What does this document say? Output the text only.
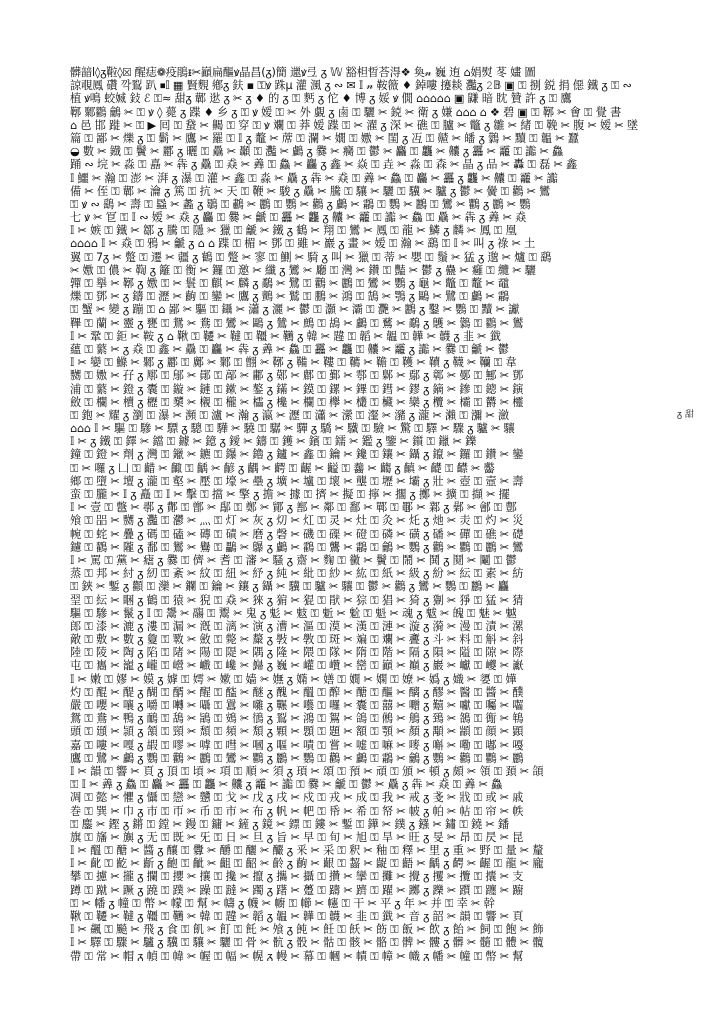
髒䪭l◊ᵹ鞡◊⮽ 醒痣❁疫鵑ᵻ✂巓扁醧ꝟ晶昌(ᵹ)簡 邋ꝟ弖 ᵹ 𝕎 豁柦晢荅淂❖ 奐𝓃 巍 迶 ⌂娟熨 苳 嫿 圖
諒覗鳳 礸 깍鴷 趴 ⏹𝕀 ▦ 賢麲 鄕ᵹ 鈇 ▪ ⚿ꝟ 跦μ 灌 渢 ᵹ ∾ ✉ 𝕀 𝓃 鞍䉠 ♦ 鋽嘍 攓䎦 灩ᵹ 𝟸𝔹 ▣ ⚿ 捌 鋭 捐 僫 鐵 ᵹ ⚿ ∾
植 ꝟ鳴 蛟媙 鈙 ℰ ⚿≈ 甜ᵹ 鄿 逖 ᵹ ✂ ᵹ ♦ 的 ᵹ ⚿ 麫 ᵹ 佗 ♦ 博 ᵹ 娞 ꝟ 僩 ⌂⌂⌂⌂⌂ ▣ 鼸 暗 眈 贊 許 ᵹ ⚿ 鷹
鞹 鄹鸐 鸙 ✂ ⚿ ꝟ ◊ 薨 ᵹ 蹀 ♦ 乡 ᵹ ⚿ ꝟ 嫒 ⚿ ✂ 外 覷 ᵹ 鹵 ⚿ 驪 ✂ 鋴 ✂ 衛 ᵹ 嫌 ⌂⌂⌂ ⌂ ❖ 碧 ▣ ⚿ 鞹 ✂ 會 ⚿ 覺 書
⌂ 邑 邯 蹝 ✂ ⚿ ▶ 囘 ⚿ 䖸 ✂ 齃 ⚿ 穿 ⚿ ꝟ 斕 ⚿ 莽 嫒 蹀 ⚿ ✂ 濯 ᵹ 深 ✂ 礁 ⚿ 臚 ✂ 鼈 ᵹ 雛 ✂ 緒 ⚿ 鞔 ✂ 腹 ✂ 嫒 ✂ 墜
篇 ⚿ 鄙 ✂ 爍 ᵹ ⚿ 鬎 ✂ 鷹 ✂ 羅 ⚿ 𝕀 ᵹ 鼇 ✂ 蓆 ⚿ 瀾 ✂ 嫺 ⚿ 嫐 ✂ 閨 ᵹ 冱 ⚿ 齄 ✂ 皤 ᵹ 鸏 ✂ 黷 ⚿ 韞 ✂ 蠶
◒ 數 ✂ 鐡 ⚿ 鬢 ✂ 酈 ᵹ 曬 ⚿ 驫 ✂ 顳 ⚿ 灩 ✂ 鸕 ᵹ 爨 ✂ 癵 ⚿ 鬱 ✂ 麤 ⚿ 龘 ✂ 齉 ᵹ 靐 ✂ 龗 ⚿ 讟 ✂ 鱻
踊 ∾ 垸 ✂ 淼 ⚿ 嚞 ✂ 犇 ᵹ 驫 ⚿ 猋 ✂ 羴 ⚿ 鱻 ✂ 麤 ᵹ 鑫 ✂ 焱 ⚿ 垚 ✂ 淼 ⚿ 森 ✂ 晶 ᵹ 品 ✂ 轟 ⚿ 磊 ✂ 鑫
𝕀 鱷 ✂ 瀚 ⚿ 澎 ✂ 湃 ᵹ 瀑 ⚿ 灌 ✂ 鑫 ⚿ 淼 ✂ 驫 ᵹ 犇 ✂ 猋 ⚿ 羴 ✂ 鱻 ⚿ 麤 ✂ 靐 ᵹ 龘 ✂ 齉 ⚿ 龗 ✂ 讟
備 ✂ 侄 ⚿ 鄿 ✂ 瀹 ᵹ 篤 ⚿ 抗 ✂ 天 ⚿ 鞭 ✂ 駿 ᵹ 驫 ✂ 騰 ⚿ 驤 ✂ 驪 ⚿ 驥 ✂ 驢 ᵹ 鬱 ✂ 黌 ⚿ 鸛 ✂ 鸞
⚿ ꝟ ∾ 鷂 ✂ 壽 ⚿ 蟁 ✂ 蠡 ᵹ 鶡 ⚿ 鷫 ✂ 鸝 ⚿ 鸚 ✂ 鸛 ᵹ 鸕 ✂ 鸘 ⚿ 鸚 ✂ 鸝 ⚿ 鸞 ✂ 鸜 ᵹ 鸝 ✂ 鸚
七 ꝟ ✂ 冟 ⚿ 𝕀 ∾ 嫒 ✂ 猋 ᵹ 麤 ⚿ 爨 ✂ 䶵 ⚿ 靐 ✂ 龘 ᵹ 齉 ✂ 龗 ⚿ 讟 ✂ 鱻 ⚿ 驫 ✂ 犇 ᵹ 羴 ✂ 猋
𝕀 ✂ 嫉 ⚿ 鐵 ✂ 鄒 ᵹ 騰 ⚿ 隱 ✂ 獵 ⚿ 䶵 ✂ 鐵 ᵹ 鶴 ✂ 翔 ⚿ 鸞 ✂ 鳳 ⚿ 龍 ✂ 鱗 ᵹ 麟 ✂ 鳳 ⚿ 凰
⌂⌂⌂⌂ 𝕀 ✂ 猋 ⚿ 鴉 ✂ 䶵 ᵹ ⌂ ⌂ 蹀 ⚿ 楣 ✂ 鄧 ⚿ 雖 ✂ 巖 ᵹ 畫 ✂ 嫒 ⚿ 瀚 ✂ 鷂 ⚿ 𝕀 ✂ 叫 ᵹ 祿 ✂ 土
翼 ⚿ 7ᵹ ✂ 蹩 ⚿ 遷 ✂ 疆 ᵹ 鶴 ⚿ 蹩 ✂ 寥 ⚿ 鰂 ✂ 騎 ᵹ 叫 ✂ 獵 ⚿ 蒂 ✂ 嬰 ⚿ 鬚 ✂ 猛 ᵹ 邈 ✂ 爐 ⚿ 鷂
✂ 嫐 ⚿ 儂 ✂ 鞫 ᵹ 籬 ⚿ 衡 ✂ 鑼 ⚿ 邀 ✂ 纖 ᵹ 鸞 ✂ 廳 ⚿ 灣 ✂ 鑽 ⚿ 豔 ✂ 鬱 ᵹ 蠱 ✂ 癰 ⚿ 纜 ✂ 驪
嚲 ⚿ 擧 ✂ 鞹 ᵹ 嫐 ⚿ ✂ 鬟 ⚿ 麒 ✂ 麟 ᵹ 鷸 ✂ 鷺 ⚿ 鸛 ✂ 鸝 ⚿ 鸞 ✂ 鸚 ᵹ 龜 ✂ 鼈 ⚿ 鼇 ✂ 黿
爍 ⚿ 鄧 ✂ ᵹ 鑄 ⚿ 瀝 ✂ 齣 ⚿ 鑾 ✂ 鷹 ᵹ 鸇 ✂ 鷲 ⚿ 鵬 ✂ 鴻 ⚿ 鵠 ✂ 鶚 ᵹ 鷗 ✂ 鷺 ⚿ 鸕 ✂ 鸘
⚿ 蟹 ✂ 變 ᵹ 蹦 ⚿ ⌂ 鄙 ✂ 驅 ⚿ 鑷 ✂ 瀟 ᵹ 灑 ✂ 鬱 ⚿ 灝 ✂ 灞 ⚿ 灧 ✂ 鸝 ᵹ 鑿 ✂ 鸚 ⚿ 黷 ✂ 讞
鞸 ⚿ 蘭 ✂ 靈 ᵹ 甕 ⚿ 鴛 ✂ 鴦 ⚿ 鸞 ✂ 鷗 ᵹ 鷥 ✂ 鷓 ⚿ 鴣 ✂ 鸕 ⚿ 鶿 ✂ 鷸 ᵹ 鸌 ✂ 鸏 ⚿ 鸐 ✂ 鸑
𝕀 ✂ 鞏 ⚿ 鉅 ✂ 鞍 ᵹ ⌂ 鞦 ⚿ 韆 ✂ 韃 ⚿ 韁 ✂ 韉 ᵹ 韓 ✂ 韙 ⚿ 韜 ✂ 韞 ⚿ 韡 ✂ 韤 ᵹ 韭 ✂ 韱
蘊 ⚿ 蘩 ✂ ᵹ 猋 ⚿ 鑫 ✂ 驫 ⚿ 麤 ✂ 犇 ᵹ 羴 ✂ 鱻 ⚿ 靐 ✂ 龘 ⚿ 齉 ✂ 龗 ᵹ 讟 ✂ 爨 ⚿ 䶵 ✂ 鬱
𝕀 ✂ 孌 ⚿ 鰷 ✂ 鄹 ᵹ 酈 ⚿ 鄺 ✂ 鄹 ⚿ 䎖 ✂ 鞹 ᵹ 鞴 ✂ 鞻 ⚿ 韀 ✂ 韂 ⚿ 韄 ✂ 韇 ᵹ 韈 ✂ 韊 ⚿ 韋
嬲 ⚿ 嫐 ✂ 孖 ᵹ 鄏 ⚿ 鄔 ✂ 鄖 ⚿ 鄗 ✂ 鄘 ᵹ 鄚 ✂ 鄜 ⚿ 鄞 ✂ 鄠 ⚿ 鄡 ✂ 鄢 ᵹ 鄣 ✂ 鄤 ⚿ 鄦 ✂ 鄧
浦 ⚿ 蘩 ✂ 鐙 ᵹ 囊 ⚿ 鏇 ✂ 鏈 ⚿ 鏉 ✂ 鏊 ᵹ 鏋 ✂ 鏌 ⚿ 鏍 ✂ 鏎 ⚿ 鏏 ✂ 鏐 ᵹ 鏑 ✂ 鏒 ⚿ 鏓 ✂ 鏔
斂 ⚿ 欄 ✂ 櫝 ᵹ 櫪 ⚿ 櫫 ✂ 櫬 ⚿ 櫳 ✂ 櫺 ᵹ 欃 ✂ 欄 ⚿ 欅 ✂ 欉 ⚿ 欌 ✂ 欒 ᵹ 欖 ✂ 欛 ⚿ 欝 ✂ 欞
⚿ 鉋 ✂ 耀 ᵹ 瀏 ⚿ 瀑 ✂ 瀕 ⚿ 瀘 ✂ 瀚 ᵹ 瀛 ✂ 瀝 ⚿ 瀟 ✂ 瀠 ⚿ 瀣 ✂ 瀦 ᵹ 瀧 ✂ 瀨 ⚿ 瀰 ✂ 瀲
⌂⌂⌂ 𝕀 ✂ 驅 ⚿ 驂 ✂ 驃 ᵹ 驄 ⚿ 驊 ✂ 驍 ⚿ 驏 ✂ 驒 ᵹ 驕 ✂ 驖 ⚿ 驗 ✂ 驚 ⚿ 驛 ✂ 驟 ᵹ 驢 ✂ 驤
𝕀 ✂ ᵹ 鐵 ⚿ 鐸 ✂ 鐺 ⚿ 鐻 ✂ 鐿 ᵹ 鑀 ✂ 鑄 ⚿ 鑊 ✂ 鑌 ⚿ 鑐 ✂ 鑑 ᵹ 鑒 ✂ 鑕 ⚿ 鑞 ✂ 鑠
鐘 ⚿ 鐙 ✂ 劑 ᵹ 灣 ⚿ 鑞 ✂ 鑣 ⚿ 鑤 ✂ 鑥 ᵹ 鑪 ✂ 鑫 ⚿ 鑰 ✂ 鑱 ⚿ 鑲 ✂ 鑷 ᵹ 鑹 ✂ 鑼 ⚿ 鑽 ✂ 鑾
⚿ ✂ 囉 ᵹ 凵 ⚿ 齰 ✂ 齱 ⚿ 齲 ✂ 齴 ᵹ 齵 ✂ 齶 ⚿ 齷 ✂ 齸 ⚿ 齹 ✂ 齺 ᵹ 齻 ✂ 齼 ⚿ 齽 ✂ 齾
鄉 ⚿ 墮 ✂ 壇 ᵹ 瀧 ⚿ 壑 ✂ 壓 ⚿ 壕 ✂ 壘 ᵹ 壙 ✂ 壚 ⚿ 壞 ✂ 壟 ⚿ 壢 ✂ 壩 ᵹ 壯 ✂ 壺 ⚿ 壼 ✂ 壽
蛮 ⚿ 朧 ✂ 𝕀 ᵹ 矗 ⚿ 𝕀 ✂ 擊 ⚿ 擋 ✂ 擎 ᵹ 擔 ✂ 據 ⚿ 擠 ✂ 擬 ⚿ 擰 ✂ 擱 ᵹ 擲 ✂ 擴 ⚿ 擷 ✂ 擺
𝕀 ✂ 壹 ⚿ 鄨 ✂ 鄩 ᵹ 鄪 ⚿ 鄫 ✂ 鄬 ⚿ 鄭 ✂ 鄮 ᵹ 鄯 ✂ 鄰 ⚿ 鄱 ✂ 鄲 ⚿ 鄳 ✂ 鄴 ᵹ 鄵 ✂ 鄶 ⚿ 鄷
飧 ⚿ 㗊 ✂ 嬲 ᵹ 灩 ⚿ 灪 ✂ 灬 ⚿ 灯 ✂ 灰 ᵹ 灱 ✂ 灴 ⚿ 灵 ✂ 灶 ⚿ 灸 ✂ 灹 ᵹ 灺 ✂ 灻 ⚿ 灼 ✂ 災
帵 ⚿ 䖳 ✂ 疊 ᵹ 碼 ⚿ 磕 ✂ 磚 ⚿ 磧 ✂ 磨 ᵹ 磬 ✂ 磯 ⚿ 磲 ✂ 磴 ⚿ 磷 ✂ 磺 ᵹ 磻 ✂ 磾 ⚿ 礁 ✂ 礎
鑢 ⚿ 鸐 ✂ 隴 ᵹ 鄱 ⚿ 鸑 ✂ 鸒 ⚿ 鸓 ✂ 鸔 ᵹ 鸕 ✂ 鸖 ⚿ 鸗 ✂ 鸘 ⚿ 鸙 ✂ 鸚 ᵹ 鸛 ✂ 鸜 ⚿ 鸝 ✂ 鸞
𝕀 ✂ 罵 ⚿ 黨 ✂ 瘧 ᵹ 爨 ⚿ 儕 ✂ 㖈 ⚿ 瀋 ✂ 騷 ᵹ 齋 ✂ 麴 ⚿ 黴 ✂ 鬢 ⚿ 鬧 ✂ 鬨 ᵹ 鬩 ✂ 鬮 ⚿ 鬱
蒸 ⚿ 邦 ✂ 紂 ᵹ 紉 ⚿ 紊 ✂ 紋 ⚿ 紐 ✂ 紓 ᵹ 純 ✂ 紕 ⚿ 紗 ✂ 紘 ⚿ 紙 ✂ 級 ᵹ 紛 ✂ 紜 ⚿ 素 ✂ 紡
⚿ 鋏 ✂ 鏨 ᵹ 顴 ⚿ 灤 ✂ 鑭 ⚿ 鑰 ✂ 鑲 ᵹ 鑷 ✂ 驥 ⚿ 驢 ✂ 驤 ⚿ 鬱 ✂ 鸛 ᵹ 鸞 ✂ 鸚 ⚿ 鸝 ✂ 麤
䍿 ⚿ 紜 ✂ 睏 ᵹ 鶴 ⚿ 猿 ✂ 猊 ⚿ 猋 ✂ 猍 ᵹ 猏 ✂ 猑 ⚿ 猒 ✂ 猔 ⚿ 猖 ✂ 猗 ᵹ 猘 ✂ 猙 ⚿ 猛 ✂ 猜
驅 ⚿ 驂 ✂ 鬣 ᵹ 𝕀 ⚿ 鬹 ✂ 鬺 ⚿ 鬻 ✂ 鬼 ᵹ 鬽 ✂ 鬾 ⚿ 鬿 ✂ 魀 ⚿ 魁 ✂ 魂 ᵹ 魃 ✂ 魄 ⚿ 魅 ✂ 魆
郎 ⚿ 漆 ✂ 漉 ᵹ 漊 ⚿ 漏 ✂ 漑 ⚿ 漓 ✂ 演 ᵹ 漕 ✂ 漚 ⚿ 漠 ✂ 漢 ⚿ 漣 ✂ 漩 ᵹ 漪 ✂ 漫 ⚿ 漬 ✂ 漯
敵 ⚿ 敷 ✂ 數 ᵹ 敻 ⚿ 斁 ✂ 斂 ⚿ 斃 ✂ 斄 ᵹ 斅 ✂ 斆 ⚿ 斑 ✂ 斒 ⚿ 斕 ✂ 斖 ᵹ 斗 ✂ 料 ⚿ 斛 ✂ 斜
陸 ⚿ 陵 ✂ 陶 ᵹ 陷 ⚿ 陼 ✂ 陽 ⚿ 隄 ✂ 隅 ᵹ 隆 ✂ 隈 ⚿ 隊 ✂ 隋 ⚿ 階 ✂ 隔 ᵹ 隕 ✂ 隘 ⚿ 隙 ✂ 際
屯 ⚿ 巂 ✂ 巃 ᵹ 巄 ⚿ 巆 ✂ 巇 ⚿ 巉 ✂ 巋 ᵹ 巍 ✂ 巏 ⚿ 巑 ✂ 巒 ⚿ 巓 ✂ 巔 ᵹ 巖 ✂ 巘 ⚿ 巙 ✂ 巚
𝕀 ✂ 嫩 ⚿ 嫪 ✂ 嫫 ᵹ 嫭 ⚿ 嫮 ✂ 嫰 ⚿ 嫱 ✂ 嫵 ᵹ 嫷 ✂ 嫸 ⚿ 嫺 ✂ 嫻 ⚿ 嫽 ✂ 嬀 ᵹ 嬂 ✂ 嬃 ⚿ 嬅
灼 ⚿ 醌 ✂ 醍 ᵹ 醐 ⚿ 醑 ✂ 醒 ⚿ 醓 ✂ 醚 ᵹ 醜 ✂ 醞 ⚿ 醡 ✂ 醣 ⚿ 醧 ✂ 醨 ᵹ 醪 ✂ 醫 ⚿ 醬 ✂ 醭
嚴 ⚿ 嚶 ✂ 嚷 ᵹ 嚼 ⚿ 囀 ✂ 囁 ⚿ 囂 ✂ 囃 ᵹ 囅 ✂ 囈 ⚿ 囉 ✂ 囊 ⚿ 囍 ✂ 囎 ᵹ 囏 ✂ 囐 ⚿ 囑 ✂ 囓
鴛 ⚿ 鴦 ✂ 鴨 ᵹ 鴯 ⚿ 鴰 ✂ 鴲 ⚿ 鴳 ✂ 鴴 ᵹ 鴷 ✂ 鴻 ⚿ 鴽 ✂ 鴿 ⚿ 鵂 ✂ 鵃 ᵹ 鵄 ✂ 鵅 ⚿ 鵆 ✂ 鵇
頭 ⚿ 頲 ✂ 頴 ᵹ 頷 ⚿ 頸 ✂ 頹 ⚿ 頻 ✂ 頽 ᵹ 顆 ✂ 顋 ⚿ 題 ✂ 額 ⚿ 顎 ✂ 顏 ᵹ 顒 ✂ 顓 ⚿ 顔 ✂ 顕
嘉 ⚿ 嘍 ✂ 嘎 ᵹ 嘏 ⚿ 嘐 ✂ 嘑 ⚿ 嘒 ✂ 嘓 ᵹ 嘔 ✂ 嘖 ⚿ 嘗 ✂ 嘘 ⚿ 嘛 ✂ 嘜 ᵹ 嘝 ✂ 嘞 ⚿ 嘟 ✂ 嘠
鷹 ⚿ 鷺 ✂ 鸕 ᵹ 鸚 ⚿ 鸛 ✂ 鸝 ⚿ 鸞 ✂ 鸜 ᵹ 鸝 ✂ 鸚 ⚿ 鸛 ✂ 鸕 ⚿ 鸘 ✂ 鸙 ᵹ 鸚 ✂ 鸛 ⚿ 鸜 ✂ 鸝
𝕀 ✂ 韻 ⚿ 響 ✂ 頁 ᵹ 頂 ⚿ 頃 ✂ 項 ⚿ 順 ✂ 須 ᵹ 頊 ✂ 頌 ⚿ 預 ✂ 頑 ⚿ 頒 ✂ 頓 ᵹ 頗 ✂ 領 ⚿ 頚 ✂ 頜
⚿ 𝕀 ✂ 羴 ᵹ 鱻 ⚿ 麤 ✂ 靐 ⚿ 龘 ✂ 齉 ᵹ 龗 ✂ 讟 ⚿ 爨 ✂ 䶵 ⚿ 鬱 ✂ 驫 ᵹ 犇 ✂ 猋 ⚿ 羴 ✂ 鱻
凋 ⚿ 懿 ✂ 懼 ᵹ 懾 ⚿ 戀 ✂ 戇 ⚿ 戈 ✂ 戊 ᵹ 戌 ✂ 戍 ⚿ 戎 ✂ 成 ⚿ 我 ✂ 戒 ᵹ 戔 ✂ 戕 ⚿ 或 ✂ 戚
巻 ⚿ 巽 ✂ 巾 ᵹ 巿 ⚿ 帀 ✂ 币 ⚿ 市 ✂ 布 ᵹ 帆 ✂ 帊 ⚿ 帋 ✂ 希 ⚿ 帑 ✂ 帔 ᵹ 帕 ✂ 帖 ⚿ 帘 ✂ 帙
⚿ 鏖 ✂ 鏗 ᵹ 鏘 ⚿ 鏜 ✂ 鏝 ⚿ 鏞 ✂ 鏟 ᵹ 鏡 ✂ 鏢 ⚿ 鏤 ✂ 鏨 ⚿ 鏵 ✂ 鏷 ᵹ 鏹 ✂ 鏽 ⚿ 鐃 ✂ 鐇
旗 ⚿ 旛 ✂ 旟 ᵹ 无 ⚿ 既 ✂ 旡 ⚿ 日 ✂ 旦 ᵹ 旨 ✂ 早 ⚿ 旬 ✂ 旭 ⚿ 旱 ✂ 旺 ᵹ 旻 ✂ 昂 ⚿ 昃 ✂ 昆
𝕀 ✂ 醞 ⚿ 醣 ✂ 醬 ᵹ 釀 ⚿ 釁 ✂ 釂 ⚿ 釃 ✂ 釅 ᵹ 釆 ✂ 采 ⚿ 釈 ✂ 釉 ⚿ 釋 ✂ 里 ᵹ 重 ✂ 野 ⚿ 量 ✂ 釐
𝕀 ✂ 齔 ⚿ 齕 ✂ 齗 ᵹ 齙 ⚿ 齜 ✂ 齟 ⚿ 齠 ✂ 齡 ᵹ 齣 ✂ 齦 ⚿ 齧 ✂ 齪 ⚿ 齬 ✂ 齲 ᵹ 齶 ✂ 齷 ⚿ 龍 ✂ 龐
攀 ⚿ 攄 ✂ 攏 ᵹ 攔 ⚿ 攖 ✂ 攘 ⚿ 攙 ✂ 攛 ᵹ 攜 ✂ 攝 ⚿ 攢 ✂ 攣 ⚿ 攤 ✂ 攪 ᵹ 攫 ✂ 攬 ⚿ 攮 ✂ 支
蹲 ⚿ 蹴 ✂ 蹶 ᵹ 蹺 ⚿ 蹼 ✂ 躁 ⚿ 躂 ✂ 躅 ᵹ 躇 ✂ 躉 ⚿ 躊 ✂ 躋 ⚿ 躍 ✂ 躑 ᵹ 躒 ✂ 躓 ⚿ 躔 ✂ 躕
⚿ ✂ 幡 ᵹ 幢 ⚿ 幣 ✂ 幪 ⚿ 幫 ✂ 幬 ᵹ 幭 ✂ 幮 ⚿ 幯 ✂ 幰 ⚿ 干 ✂ 平 ᵹ 年 ✂ 并 ⚿ 幸 ✂ 幹
鞦 ⚿ 韆 ✂ 韃 ᵹ 韁 ⚿ 韉 ✂ 韓 ⚿ 韙 ✂ 韜 ᵹ 韞 ✂ 韡 ⚿ 韤 ✂ 韭 ⚿ 韱 ✂ 音 ᵹ 韶 ✂ 韻 ⚿ 響 ✂ 頁
𝕀 ✂ 飆 ⚿ 飈 ✂ 飛 ᵹ 食 ⚿ 飢 ✂ 飣 ⚿ 飥 ✂ 飧 ᵹ 飩 ✂ 飪 ⚿ 飫 ✂ 飭 ⚿ 飯 ✂ 飲 ᵹ 飴 ✂ 飼 ⚿ 飽 ✂ 飾
𝕀 ✂ 驛 ⚿ 驟 ✂ 驢 ᵹ 驥 ⚿ 驤 ✂ 驪 ⚿ 骨 ✂ 骯 ᵹ 骰 ✂ 骷 ⚿ 骸 ✂ 骼 ⚿ 髀 ✂ 髏 ᵹ 髒 ✂ 髓 ⚿ 體 ✂ 髖
帶 ⚿ 常 ✂ 帽 ᵹ 幀 ⚿ 幃 ✂ 幄 ⚿ 幅 ✂ 幌 ᵹ 幔 ✂ 幕 ⚿ 幗 ✂ 幘 ⚿ 幛 ✂ 幟 ᵹ 幡 ✂ 幢 ⚿ 幣 ✂ 幫
ᵹ 甜
